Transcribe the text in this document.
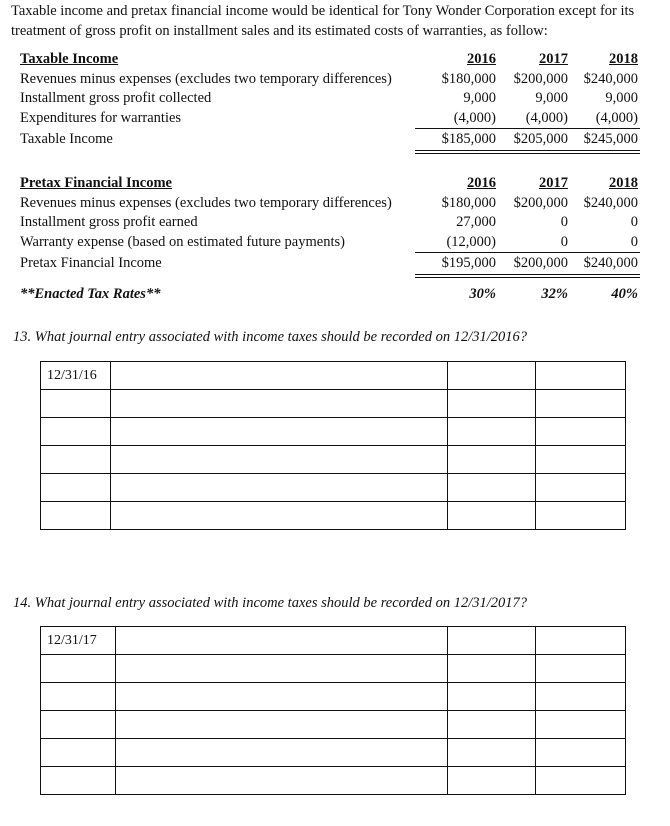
Taxable income and pretax financial income would be identical for Tony Wonder Corporation except for its treatment of gross profit on installment sales and its estimated costs of warranties, as follow:
Taxable Income	2016	2017	2018
Revenues minus expenses (excludes two temporary differences)	$180,000	$200,000	$240,000
Installment gross profit collected	9,000	9,000	9,000
Expenditures for warranties	(4,000)	(4,000)	(4,000)
Taxable Income	$185,000	$205,000	$245,000
Pretax Financial Income	2016	2017	2018
Revenues minus expenses (excludes two temporary differences)	$180,000	$200,000	$240,000
Installment gross profit earned	27,000	0	0
Warranty expense (based on estimated future payments)	(12,000)	0	0
Pretax Financial Income	$195,000	$200,000	$240,000
**Enacted Tax Rates**	30%	32%	40%
13. What journal entry associated with income taxes should be recorded on 12/31/2016?
12/31/16			

14. What journal entry associated with income taxes should be recorded on 12/31/2017?
12/31/17			
